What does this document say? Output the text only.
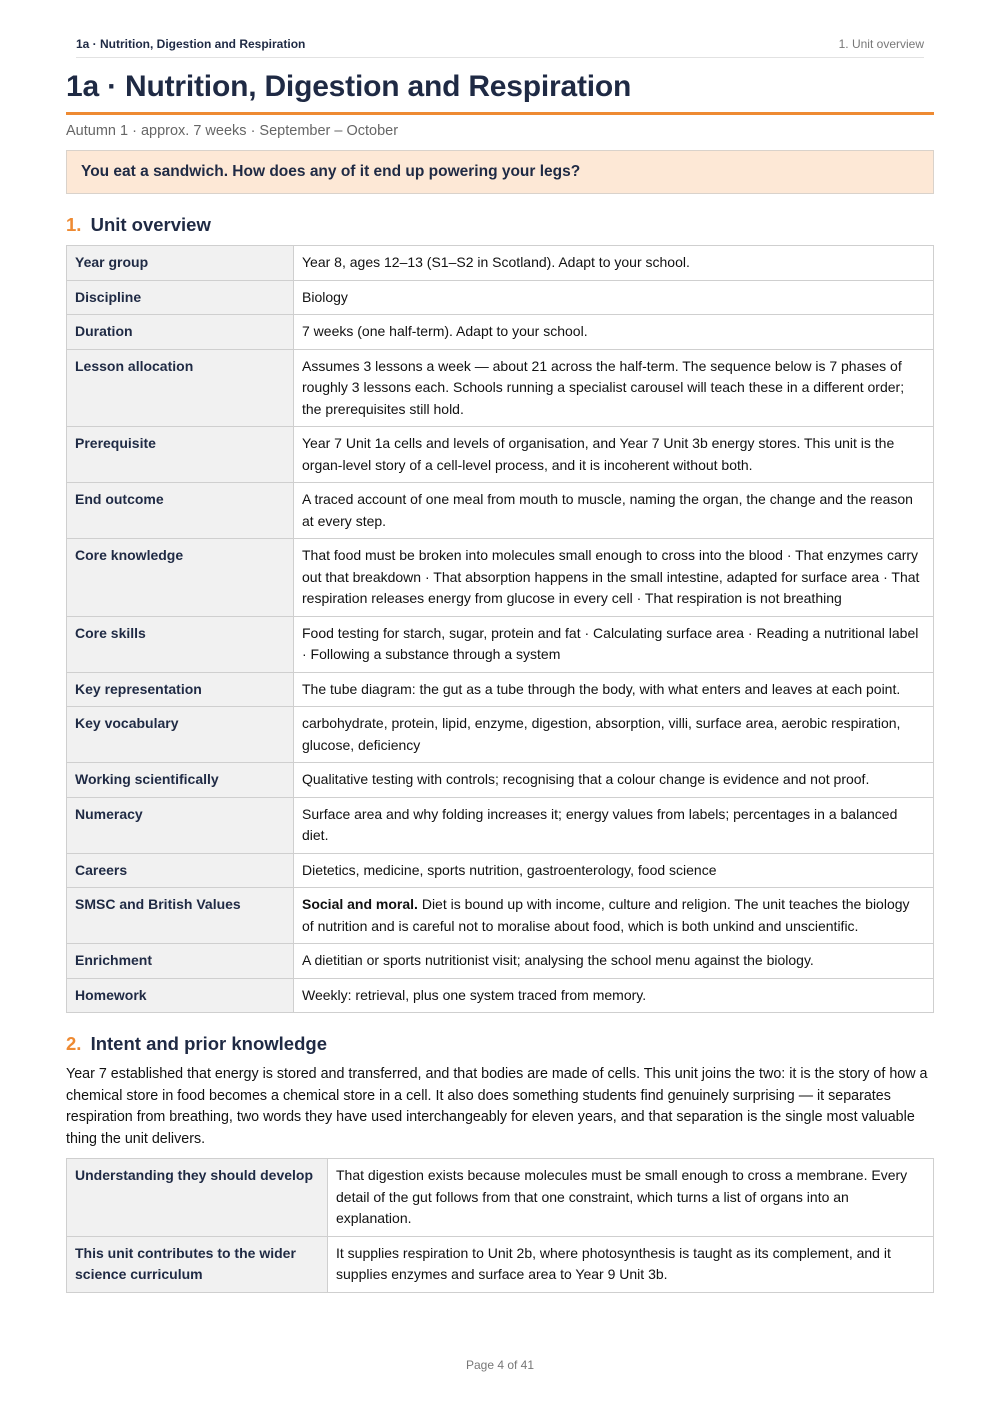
1a · Nutrition, Digestion and Respiration	1. Unit overview
1a · Nutrition, Digestion and Respiration
Autumn 1 · approx. 7 weeks · September – October
You eat a sandwich. How does any of it end up powering your legs?
1. Unit overview
Year group	Year 8, ages 12–13 (S1–S2 in Scotland). Adapt to your school.
Discipline	Biology
Duration	7 weeks (one half-term). Adapt to your school.
Lesson allocation	Assumes 3 lessons a week — about 21 across the half-term. The sequence below is 7 phases of roughly 3 lessons each. Schools running a specialist carousel will teach these in a different order; the prerequisites still hold.
Prerequisite	Year 7 Unit 1a cells and levels of organisation, and Year 7 Unit 3b energy stores. This unit is the organ-level story of a cell-level process, and it is incoherent without both.
End outcome	A traced account of one meal from mouth to muscle, naming the organ, the change and the reason at every step.
Core knowledge	That food must be broken into molecules small enough to cross into the blood · That enzymes carry out that breakdown · That absorption happens in the small intestine, adapted for surface area · That respiration releases energy from glucose in every cell · That respiration is not breathing
Core skills	Food testing for starch, sugar, protein and fat · Calculating surface area · Reading a nutritional label · Following a substance through a system
Key representation	The tube diagram: the gut as a tube through the body, with what enters and leaves at each point.
Key vocabulary	carbohydrate, protein, lipid, enzyme, digestion, absorption, villi, surface area, aerobic respiration, glucose, deficiency
Working scientifically	Qualitative testing with controls; recognising that a colour change is evidence and not proof.
Numeracy	Surface area and why folding increases it; energy values from labels; percentages in a balanced diet.
Careers	Dietetics, medicine, sports nutrition, gastroenterology, food science
SMSC and British Values	Social and moral. Diet is bound up with income, culture and religion. The unit teaches the biology of nutrition and is careful not to moralise about food, which is both unkind and unscientific.
Enrichment	A dietitian or sports nutritionist visit; analysing the school menu against the biology.
Homework	Weekly: retrieval, plus one system traced from memory.
2. Intent and prior knowledge

Year 7 established that energy is stored and transferred, and that bodies are made of cells. This unit joins the two: it is the story of how a chemical store in food becomes a chemical store in a cell. It also does something students find genuinely surprising — it separates respiration from breathing, two words they have used interchangeably for eleven years, and that separation is the single most valuable thing the unit delivers.

Understanding they should develop	That digestion exists because molecules must be small enough to cross a membrane. Every detail of the gut follows from that one constraint, which turns a list of organs into an explanation.
This unit contributes to the wider science curriculum	It supplies respiration to Unit 2b, where photosynthesis is taught as its complement, and it supplies enzymes and surface area to Year 9 Unit 3b.
Page 4 of 41
